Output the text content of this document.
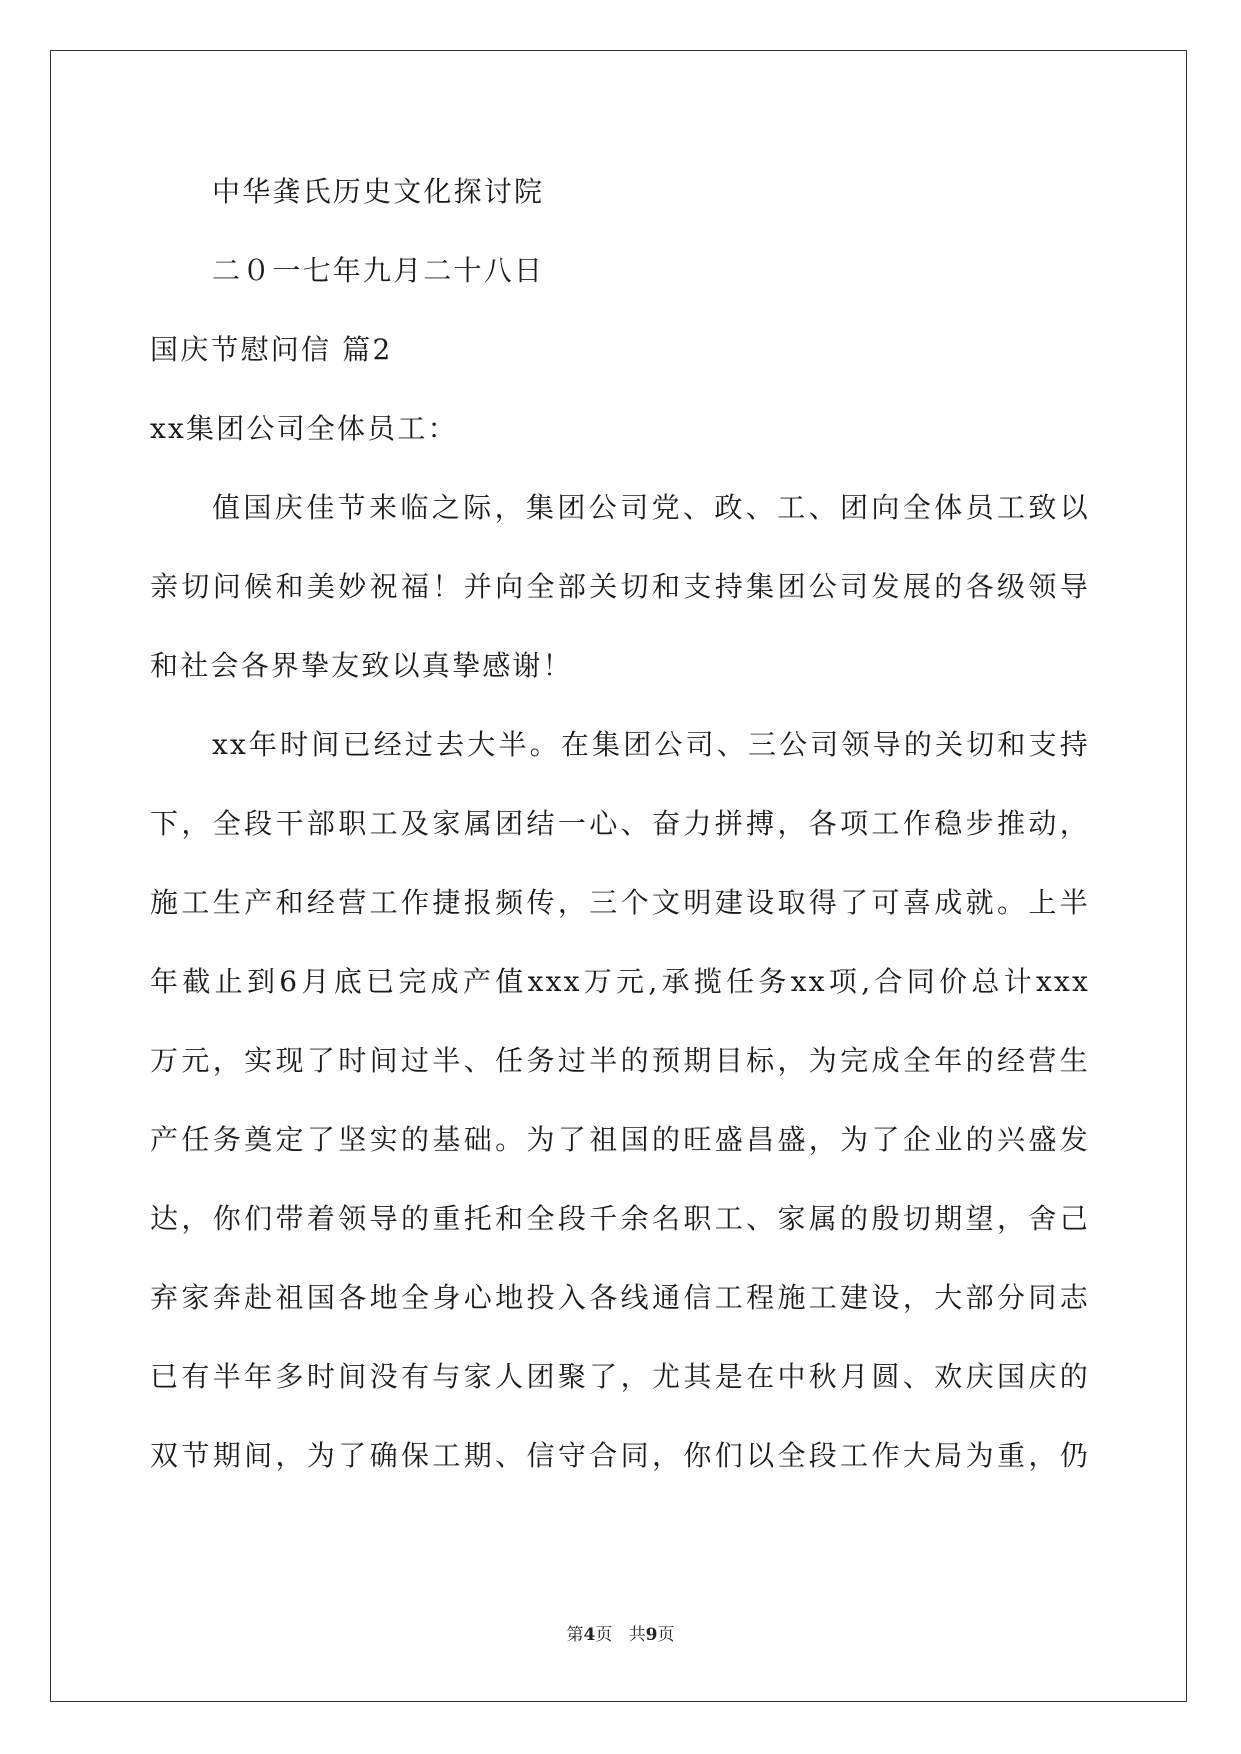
中华龚氏历史文化探讨院
二０一七年九月二十八日
国庆节慰问信 篇2
xx集团公司全体员工：
值国庆佳节来临之际，集团公司党、政、工、团向全体员工致以
亲切问候和美妙祝福！并向全部关切和支持集团公司发展的各级领导
和社会各界挚友致以真挚感谢！
xx年时间已经过去大半。在集团公司、三公司领导的关切和支持
下，全段干部职工及家属团结一心、奋力拼搏，各项工作稳步推动，
施工生产和经营工作捷报频传，三个文明建设取得了可喜成就。上半
年截止到6月底已完成产值xxx万元,承揽任务xx项,合同价总计xxx
万元，实现了时间过半、任务过半的预期目标，为完成全年的经营生
产任务奠定了坚实的基础。为了祖国的旺盛昌盛，为了企业的兴盛发
达，你们带着领导的重托和全段千余名职工、家属的殷切期望，舍己
弃家奔赴祖国各地全身心地投入各线通信工程施工建设，大部分同志
已有半年多时间没有与家人团聚了，尤其是在中秋月圆、欢庆国庆的
双节期间，为了确保工期、信守合同，你们以全段工作大局为重，仍
第4页 共9页
